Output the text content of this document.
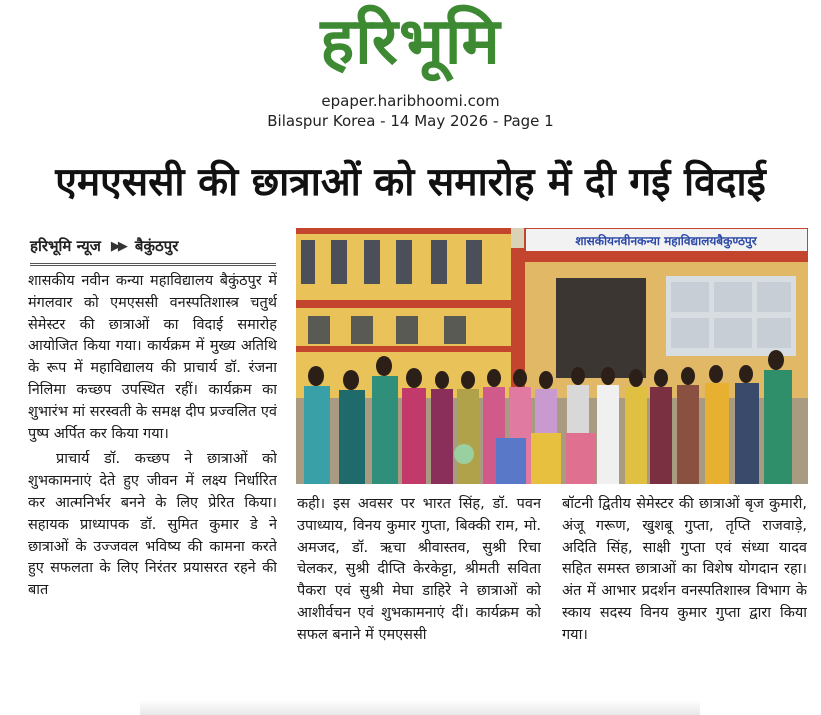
हरिभूमि
epaper.haribhoomi.com
Bilaspur Korea - 14 May 2026 - Page 1
एमएससी की छात्राओं को समारोह में दी गई विदाई
हरिभूमि न्यूज ▶▶ बैकुंठपुर

शासकीय नवीन कन्या महाविद्यालय बैकुंठपुर में मंगलवार को एमएससी वनस्पतिशास्त्र चतुर्थ सेमेस्टर की छात्राओं का विदाई समारोह आयोजित किया गया। कार्यक्रम में मुख्य अतिथि के रूप में महाविद्यालय की प्राचार्य डॉ. रंजना निलिमा कच्छप उपस्थित रहीं। कार्यक्रम का शुभारंभ मां सरस्वती के समक्ष दीप प्रज्वलित एवं पुष्प अर्पित कर किया गया।

प्राचार्य डॉ. कच्छप ने छात्राओं को शुभकामनाएं देते हुए जीवन में लक्ष्य निर्धारित कर आत्मनिर्भर बनने के लिए प्रेरित किया। सहायक प्राध्यापक डॉ. सुमित कुमार डे ने छात्राओं के उज्जवल भविष्य की कामना करते हुए सफलता के लिए निरंतर प्रयासरत रहने की बात

शासकीयनवीनकन्या महाविद्यालयबैकुण्ठपुर

कही। इस अवसर पर भारत सिंह, डॉ. पवन उपाध्याय, विनय कुमार गुप्ता, बिक्की राम, मो. अमजद, डॉ. ऋचा श्रीवास्तव, सुश्री रिचा चेलकर, सुश्री दीप्ति केरकेट्टा, श्रीमती सविता पैकरा एवं सुश्री मेघा डाहिरे ने छात्राओं को आशीर्वचन एवं शुभकामनाएं दीं। कार्यक्रम को सफल बनाने में एमएससी

बॉटनी द्वितीय सेमेस्टर की छात्राओं बृज कुमारी, अंजू गरूण, खुशबू गुप्ता, तृप्ति राजवाड़े, अदिति सिंह, साक्षी गुप्ता एवं संध्या यादव सहित समस्त छात्राओं का विशेष योगदान रहा। अंत में आभार प्रदर्शन वनस्पतिशास्त्र विभाग के स्काय सदस्य विनय कुमार गुप्ता द्वारा किया गया।
